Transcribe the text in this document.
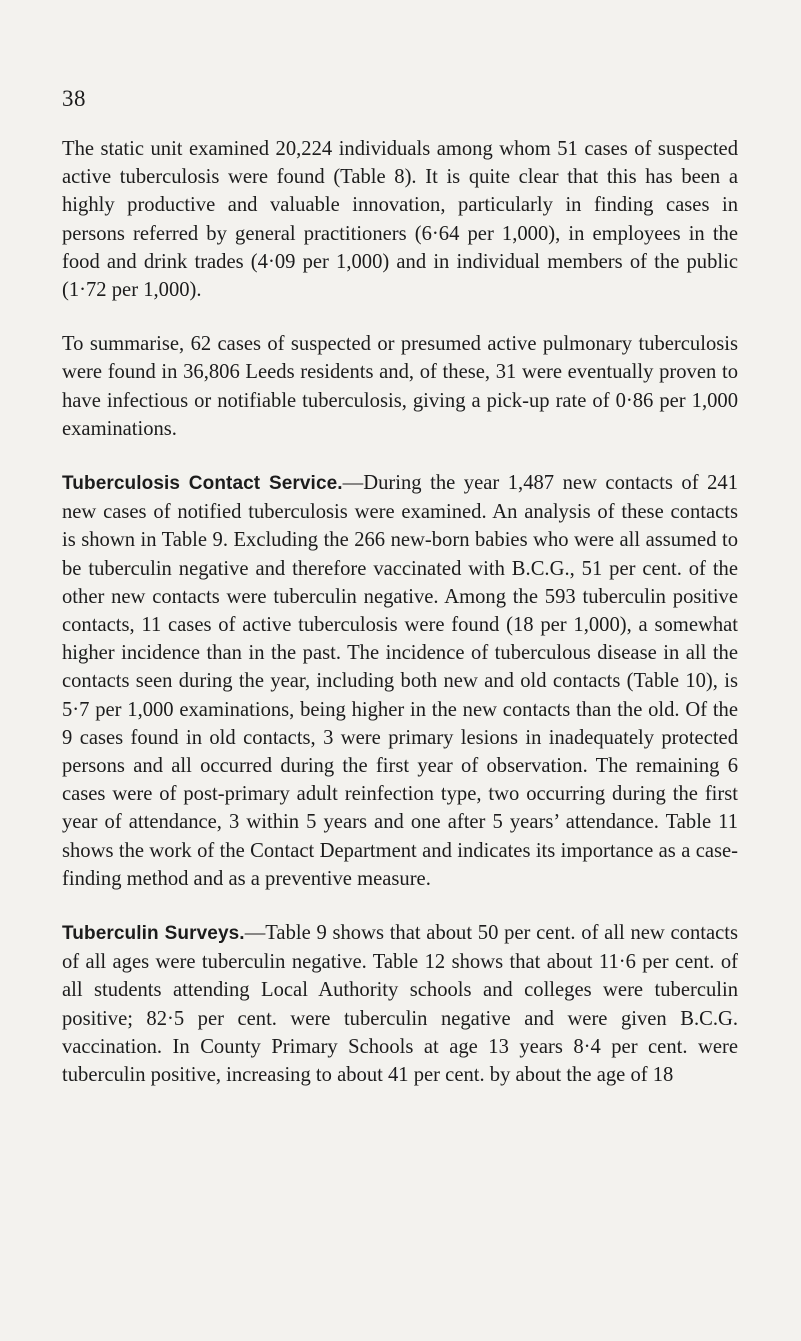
38

The static unit examined 20,224 individuals among whom 51 cases of suspected active tuberculosis were found (Table 8). It is quite clear that this has been a highly productive and valuable innovation, particularly in finding cases in persons referred by general practitioners (6·64 per 1,000), in employees in the food and drink trades (4·09 per 1,000) and in individual members of the public (1·72 per 1,000).

To summarise, 62 cases of suspected or presumed active pulmonary tuberculosis were found in 36,806 Leeds residents and, of these, 31 were eventually proven to have infectious or notifiable tuberculosis, giving a pick-up rate of 0·86 per 1,000 examinations.

Tuberculosis Contact Service.—During the year 1,487 new contacts of 241 new cases of notified tuberculosis were examined. An analysis of these contacts is shown in Table 9. Excluding the 266 new-born babies who were all assumed to be tuberculin negative and therefore vaccinated with B.C.G., 51 per cent. of the other new contacts were tuberculin negative. Among the 593 tuberculin positive contacts, 11 cases of active tuberculosis were found (18 per 1,000), a somewhat higher incidence than in the past. The incidence of tuberculous disease in all the contacts seen during the year, including both new and old contacts (Table 10), is 5·7 per 1,000 examinations, being higher in the new contacts than the old. Of the 9 cases found in old contacts, 3 were primary lesions in inadequately protected persons and all occurred during the first year of observation. The remaining 6 cases were of post-primary adult reinfection type, two occurring during the first year of attendance, 3 within 5 years and one after 5 years’ attendance. Table 11 shows the work of the Contact Department and indicates its importance as a case-finding method and as a preventive measure.

Tuberculin Surveys.—Table 9 shows that about 50 per cent. of all new contacts of all ages were tuberculin negative. Table 12 shows that about 11·6 per cent. of all students attending Local Authority schools and colleges were tuberculin positive; 82·5 per cent. were tuberculin negative and were given B.C.G. vaccination. In County Primary Schools at age 13 years 8·4 per cent. were tuberculin positive, increasing to about 41 per cent. by about the age of 18
